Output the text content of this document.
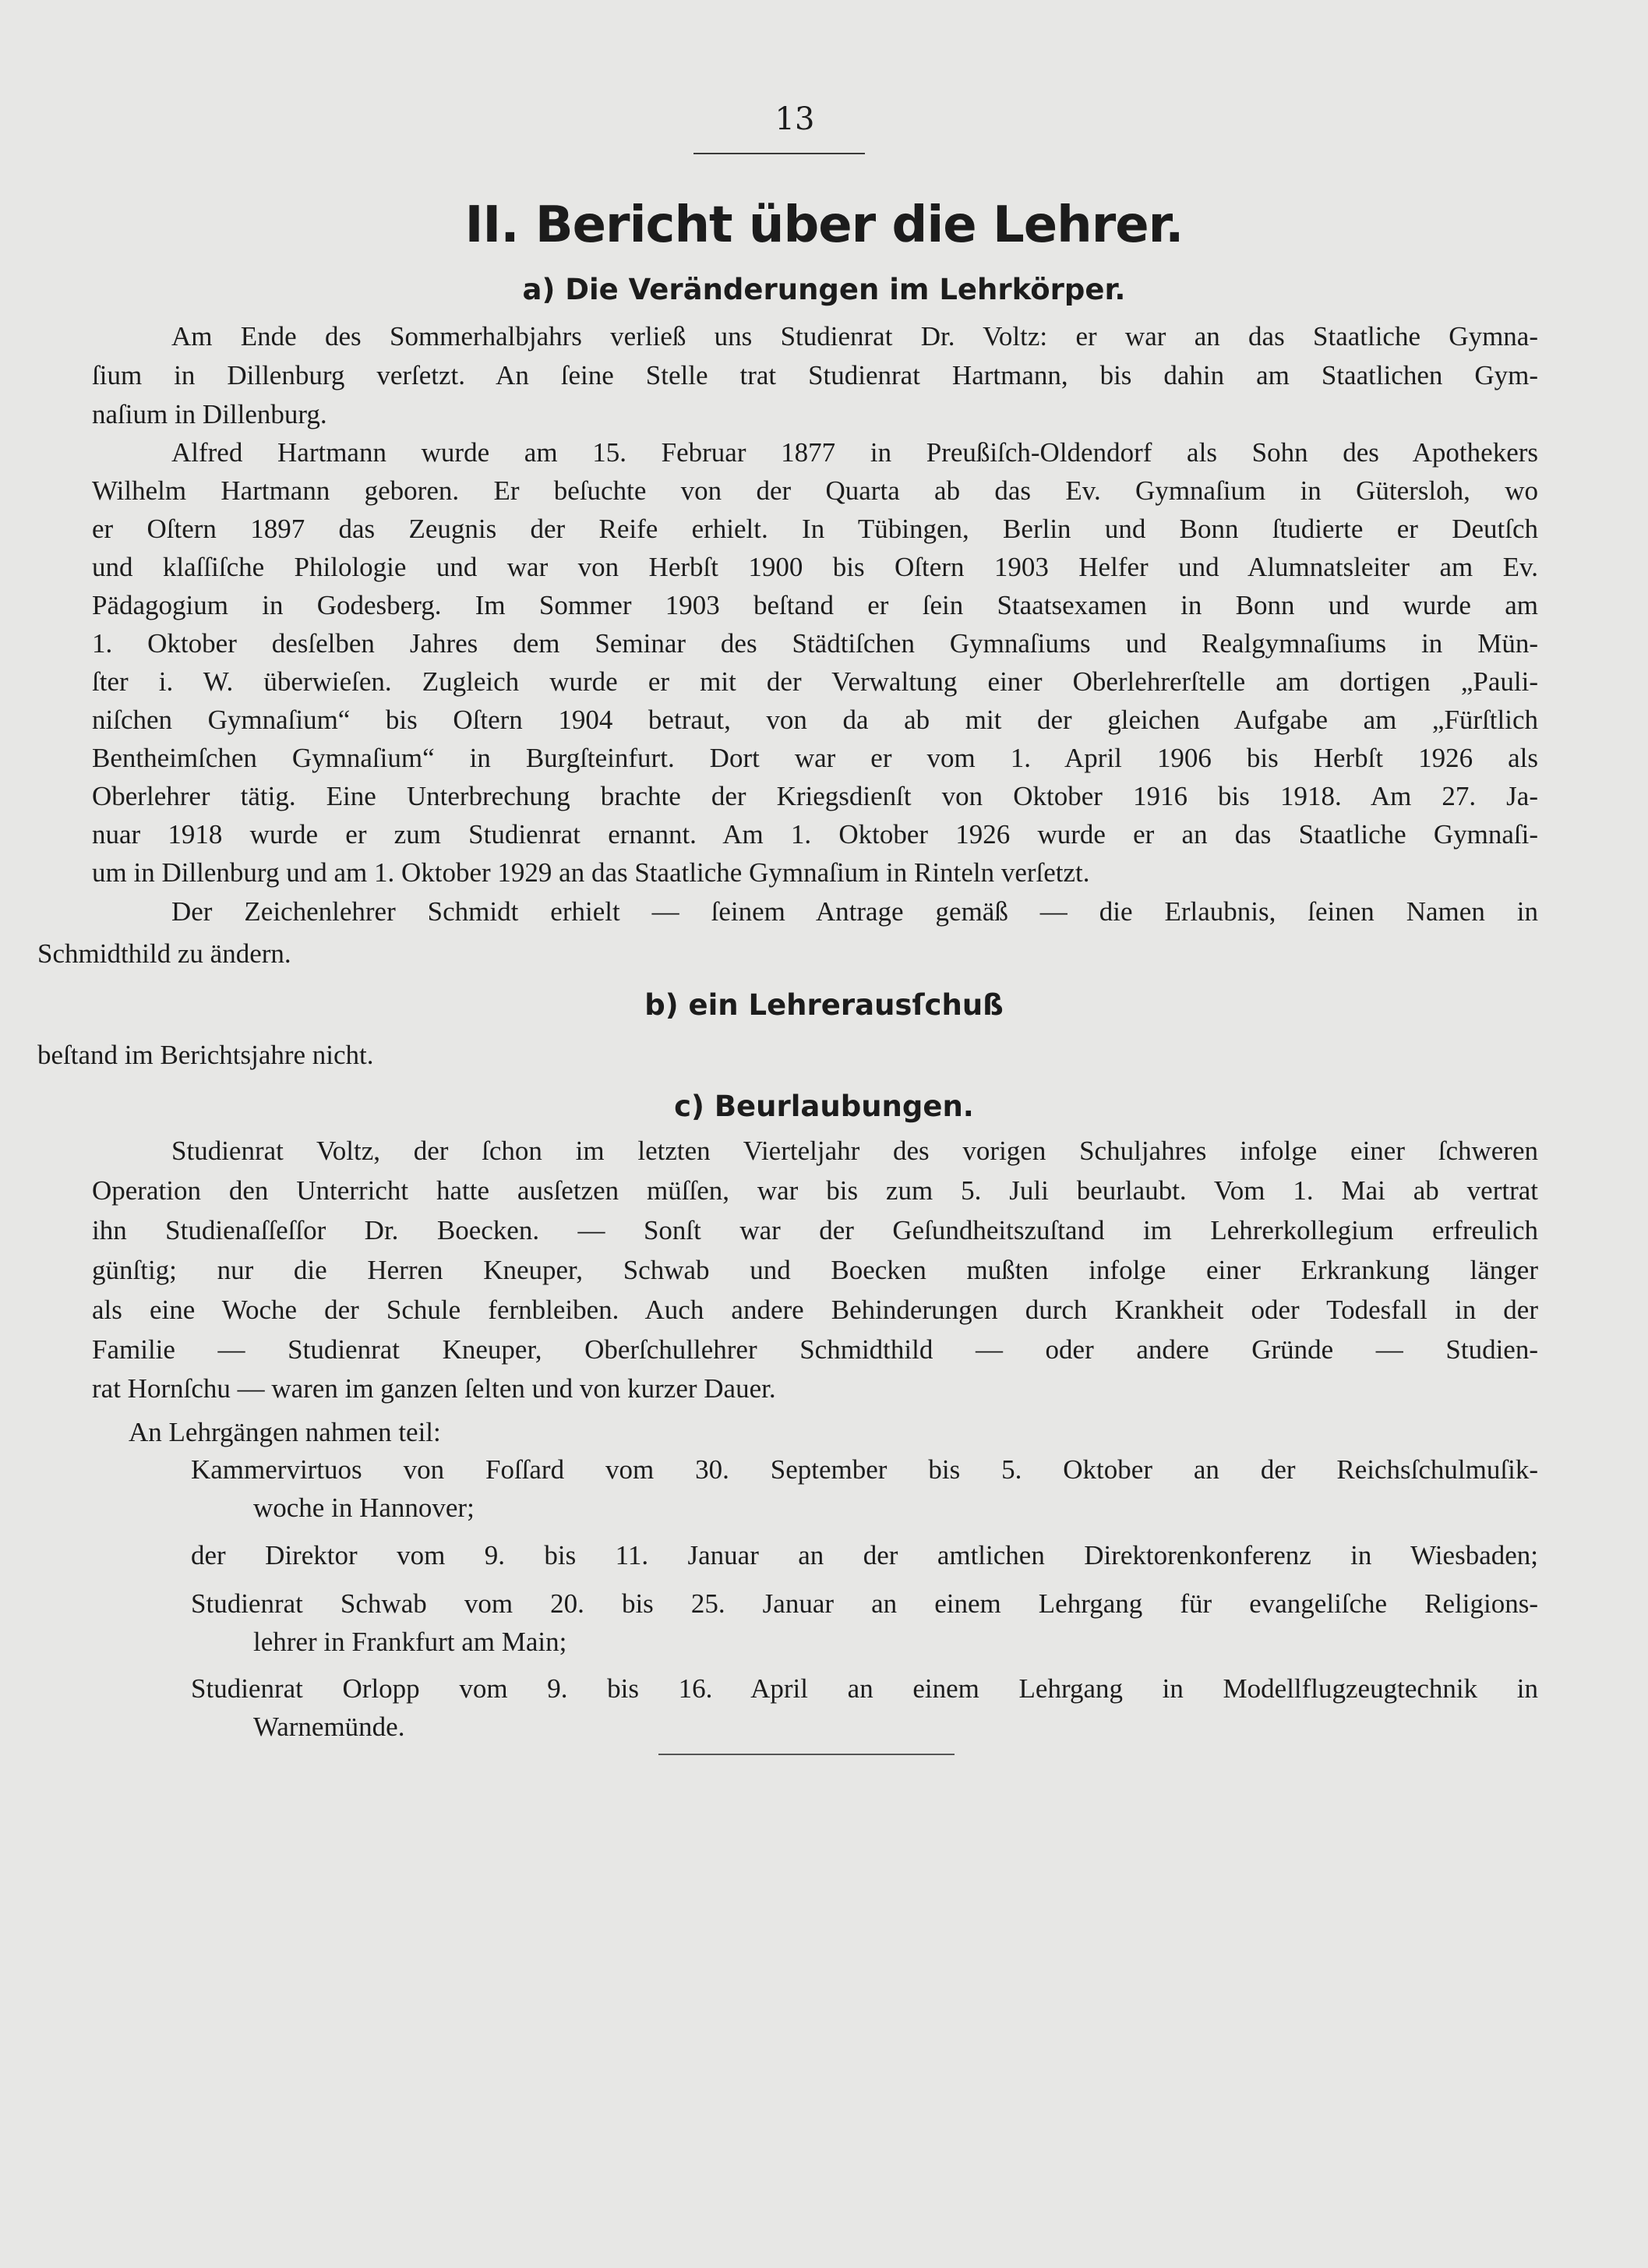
13
II. Bericht über die Lehrer.
a) Die Veränderungen im Lehrkörper.
Am Ende des Sommerhalbjahrs verließ uns Studienrat Dr. Voltz: er war an das Staatliche Gymna-
ſium in Dillenburg verſetzt. An ſeine Stelle trat Studienrat Hartmann, bis dahin am Staatlichen Gym-
naſium in Dillenburg.
Alfred Hartmann wurde am 15. Februar 1877 in Preußiſch-Oldendorf als Sohn des Apothekers
Wilhelm Hartmann geboren. Er beſuchte von der Quarta ab das Ev. Gymnaſium in Gütersloh, wo
er Oſtern 1897 das Zeugnis der Reife erhielt. In Tübingen, Berlin und Bonn ſtudierte er Deutſch
und klaſſiſche Philologie und war von Herbſt 1900 bis Oſtern 1903 Helfer und Alumnatsleiter am Ev.
Pädagogium in Godesberg. Im Sommer 1903 beſtand er ſein Staatsexamen in Bonn und wurde am
1. Oktober desſelben Jahres dem Seminar des Städtiſchen Gymnaſiums und Realgymnaſiums in Mün-
ſter i. W. überwieſen. Zugleich wurde er mit der Verwaltung einer Oberlehrerſtelle am dortigen „Pauli-
niſchen Gymnaſium“ bis Oſtern 1904 betraut, von da ab mit der gleichen Aufgabe am „Fürſtlich
Bentheimſchen Gymnaſium“ in Burgſteinfurt. Dort war er vom 1. April 1906 bis Herbſt 1926 als
Oberlehrer tätig. Eine Unterbrechung brachte der Kriegsdienſt von Oktober 1916 bis 1918. Am 27. Ja-
nuar 1918 wurde er zum Studienrat ernannt. Am 1. Oktober 1926 wurde er an das Staatliche Gymnaſi-
um in Dillenburg und am 1. Oktober 1929 an das Staatliche Gymnaſium in Rinteln verſetzt.
Der Zeichenlehrer Schmidt erhielt — ſeinem Antrage gemäß — die Erlaubnis, ſeinen Namen in
Schmidthild zu ändern.
b) ein Lehrerausſchuß
beſtand im Berichtsjahre nicht.
c) Beurlaubungen.
Studienrat Voltz, der ſchon im letzten Vierteljahr des vorigen Schuljahres infolge einer ſchweren
Operation den Unterricht hatte ausſetzen müſſen, war bis zum 5. Juli beurlaubt. Vom 1. Mai ab vertrat
ihn Studienaſſeſſor Dr. Boecken. — Sonſt war der Geſundheitszuſtand im Lehrerkollegium erfreulich
günſtig; nur die Herren Kneuper, Schwab und Boecken mußten infolge einer Erkrankung länger
als eine Woche der Schule fernbleiben. Auch andere Behinderungen durch Krankheit oder Todesfall in der
Familie — Studienrat Kneuper, Oberſchullehrer Schmidthild — oder andere Gründe — Studien-
rat Hornſchu — waren im ganzen ſelten und von kurzer Dauer.
An Lehrgängen nahmen teil:
Kammervirtuos von Foſſard vom 30. September bis 5. Oktober an der Reichsſchulmuſik-
woche in Hannover;
der Direktor vom 9. bis 11. Januar an der amtlichen Direktorenkonferenz in Wiesbaden;
Studienrat Schwab vom 20. bis 25. Januar an einem Lehrgang für evangeliſche Religions-
lehrer in Frankfurt am Main;
Studienrat Orlopp vom 9. bis 16. April an einem Lehrgang in Modellflugzeugtechnik in
Warnemünde.
